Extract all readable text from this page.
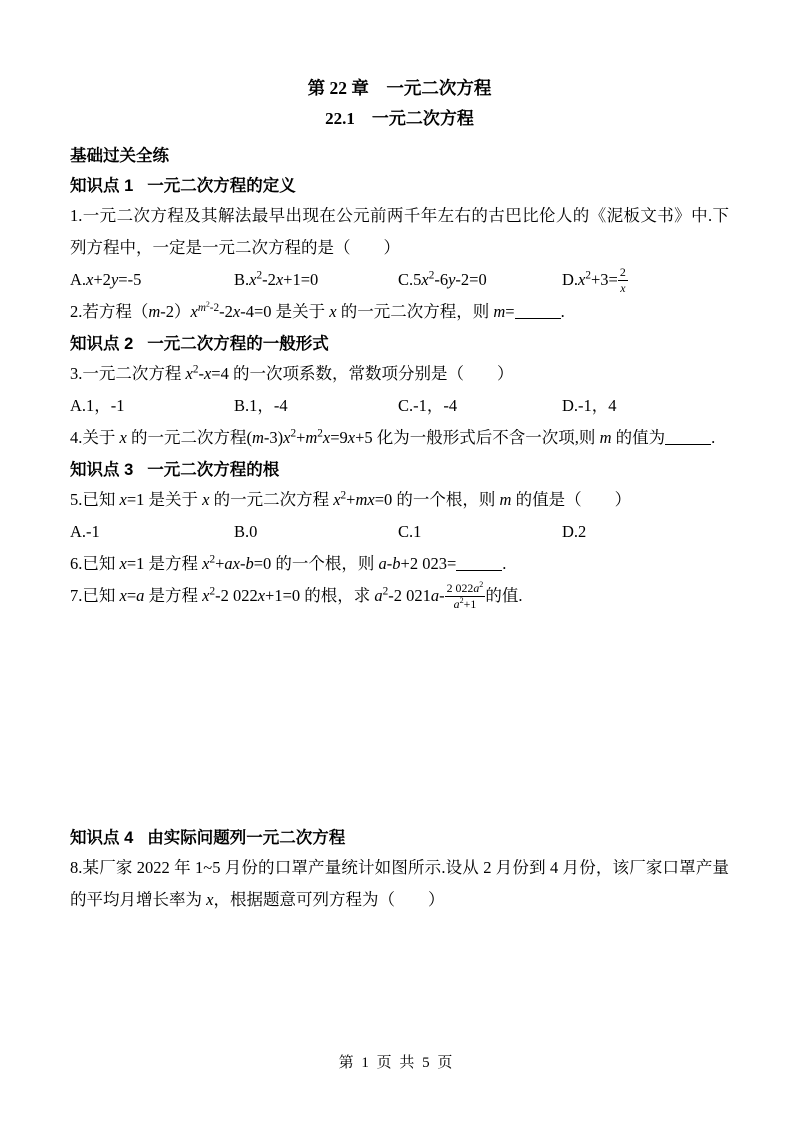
第 22 章　一元二次方程
22.1　一元二次方程
基础过关全练
知识点 1 一元二次方程的定义

1.一元二次方程及其解法最早出现在公元前两千年左右的古巴比伦人的《泥板文书》中.下列方程中，一定是一元二次方程的是（　　）

A.x+2y=-5	$B.x^2-2x+1=0$	$C.5x^2-6y-2=0$	$D.x^2+3= \frac{2}{x}$

2.若方程$(m-2)x^{m^2-2}-2x-4=0$ 是关于 x 的一元二次方程，则 m=	.

知识点 2 一元二次方程的一般形式

3.一元二次方程 $x^2-x=4$ 的一次项系数，常数项分别是（　　）

A.1，-1	B.1，-4	C.-1，-4	D.-1，4

4.关于 x 的一元二次方程$(m-3)x^2+m^2x=9x+5$ 化为一般形式后不含一次项,则 m 的值为	.

知识点 3 一元二次方程的根

5.已知 x=1 是关于 x 的一元二次方程 $x^2+mx=0$ 的一个根，则 m 的值是（　　）

A.-1	B.0	C.1	D.2

6.已知 x=1 是方程 $x^2+ax-b=0$ 的一个根，则 a-b+2 023=	.

7.已知 x=a 是方程 $x^2-2$ 022x+1=0 的根，求 $a^2-2$ $021a- \frac{2 022a^2}{a^2+1}$ 的值.

知识点 4 由实际问题列一元二次方程

8.某厂家 2022 年 1~5 月份的口罩产量统计如图所示.设从 2 月份到 4 月份，该厂家口罩产量的平均月增长率为 x，根据题意可列方程为（　　）

第 1 页 共 5 页
